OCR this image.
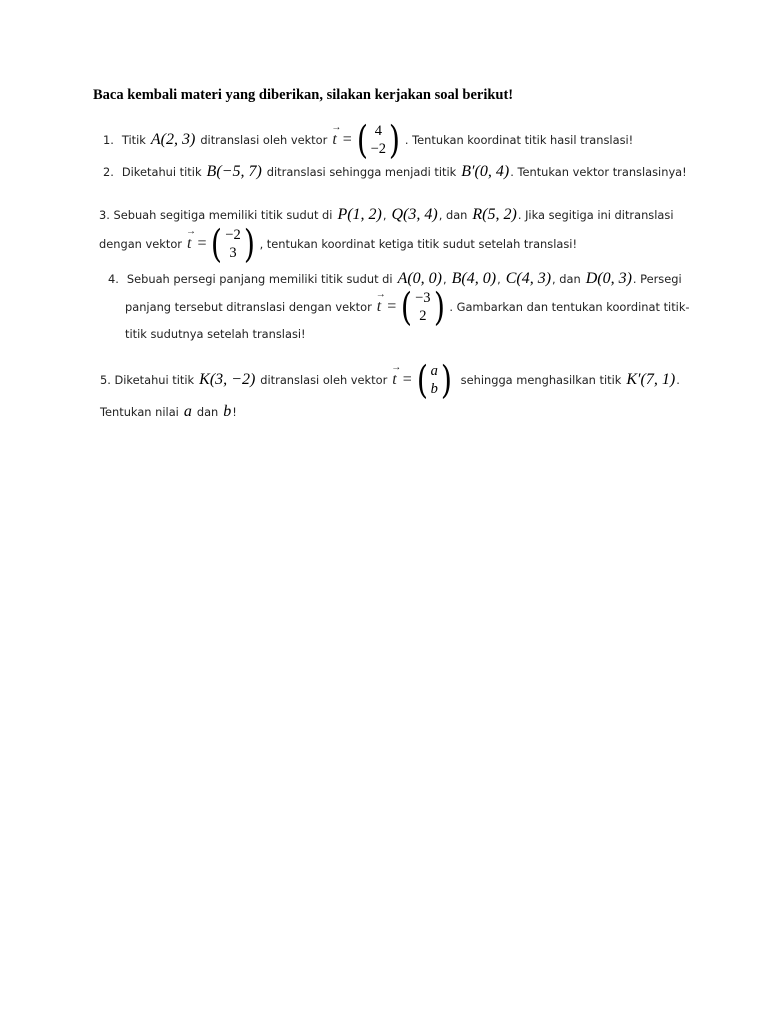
Baca kembali materi yang diberikan, silakan kerjakan soal berikut!
1. Titik A(2, 3) ditranslasi oleh vektor → t = ( 4
−2 ) . Tentukan koordinat titik hasil translasi!
2. Diketahui titik B(−5, 7) ditranslasi sehingga menjadi titik B′(0, 4) . Tentukan vektor translasinya!
3. Sebuah segitiga memiliki titik sudut di P(1, 2) , Q(3, 4) , dan R(5, 2) . Jika segitiga ini ditranslasi
dengan vektor → t = ( −2
3 ) , tentukan koordinat ketiga titik sudut setelah translasi!
4. Sebuah persegi panjang memiliki titik sudut di A(0, 0) , B(4, 0) , C(4, 3) , dan D(0, 3) . Persegi
panjang tersebut ditranslasi dengan vektor → t = ( −3
2 ) . Gambarkan dan tentukan koordinat titik-
titik sudutnya setelah translasi!
5. Diketahui titik K(3, −2) ditranslasi oleh vektor → t = ( a
b ) sehingga menghasilkan titik K′(7, 1) .
Tentukan nilai a dan b !
